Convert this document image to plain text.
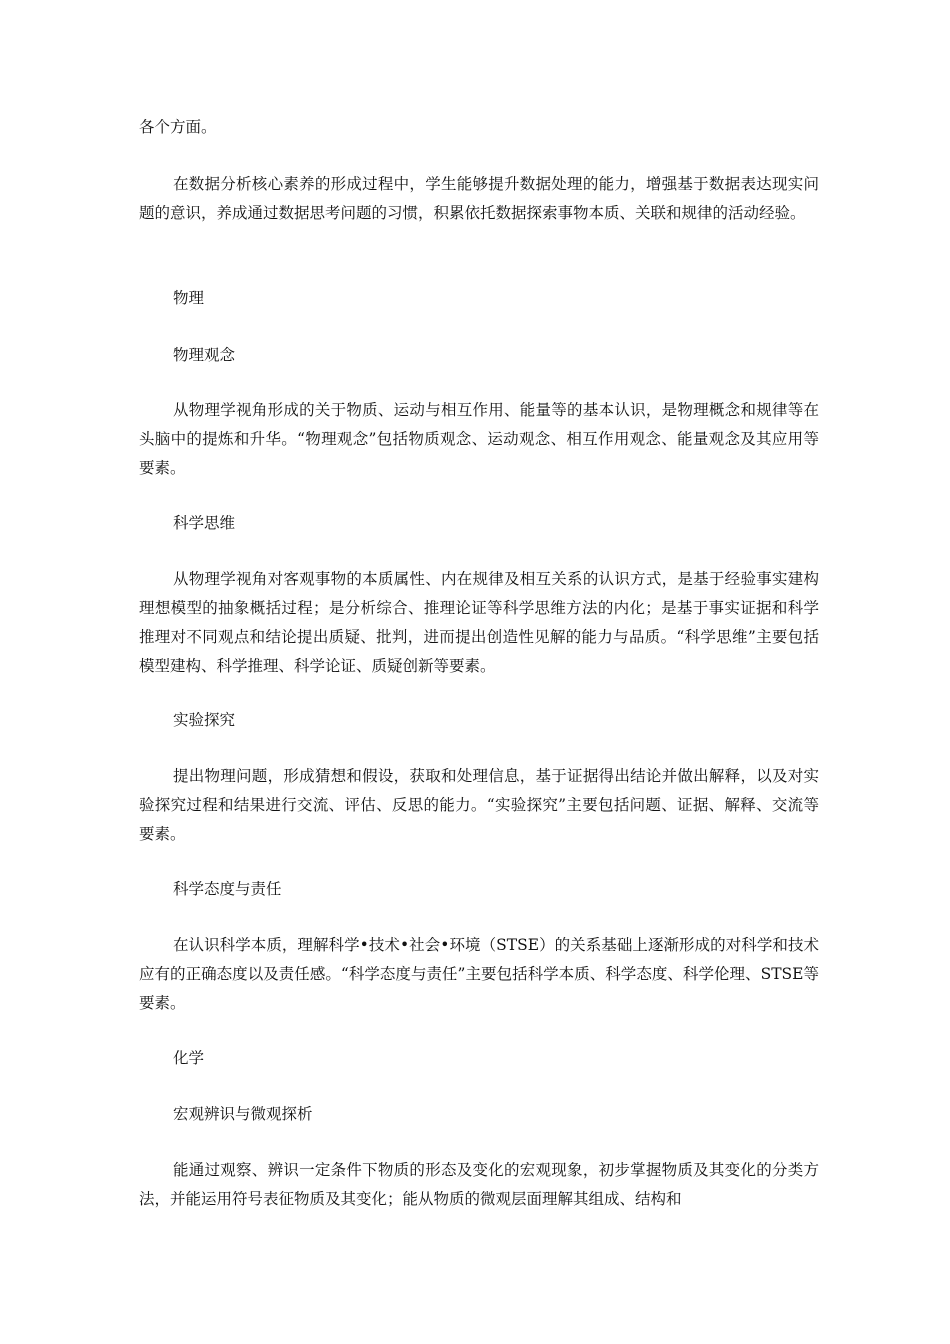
各个方面。

在数据分析核心素养的形成过程中，学生能够提升数据处理的能力，增强基于数据表达现实问题的意识，养成通过数据思考问题的习惯，积累依托数据探索事物本质、关联和规律的活动经验。

物理

物理观念

从物理学视角形成的关于物质、运动与相互作用、能量等的基本认识，是物理概念和规律等在头脑中的提炼和升华。“物理观念”包括物质观念、运动观念、相互作用观念、能量观念及其应用等要素。

科学思维

从物理学视角对客观事物的本质属性、内在规律及相互关系的认识方式，是基于经验事实建构理想模型的抽象概括过程；是分析综合、推理论证等科学思维方法的内化；是基于事实证据和科学推理对不同观点和结论提出质疑、批判，进而提出创造性见解的能力与品质。“科学思维”主要包括模型建构、科学推理、科学论证、质疑创新等要素。

实验探究

提出物理问题，形成猜想和假设，获取和处理信息，基于证据得出结论并做出解释，以及对实验探究过程和结果进行交流、评估、反思的能力。“实验探究”主要包括问题、证据、解释、交流等要素。

科学态度与责任

在认识科学本质，理解科学•技术•社会•环境（STSE）的关系基础上逐渐形成的对科学和技术应有的正确态度以及责任感。“科学态度与责任”主要包括科学本质、科学态度、科学伦理、STSE等要素。

化学

宏观辨识与微观探析

能通过观察、辨识一定条件下物质的形态及变化的宏观现象，初步掌握物质及其变化的分类方法，并能运用符号表征物质及其变化；能从物质的微观层面理解其组成、结构和
